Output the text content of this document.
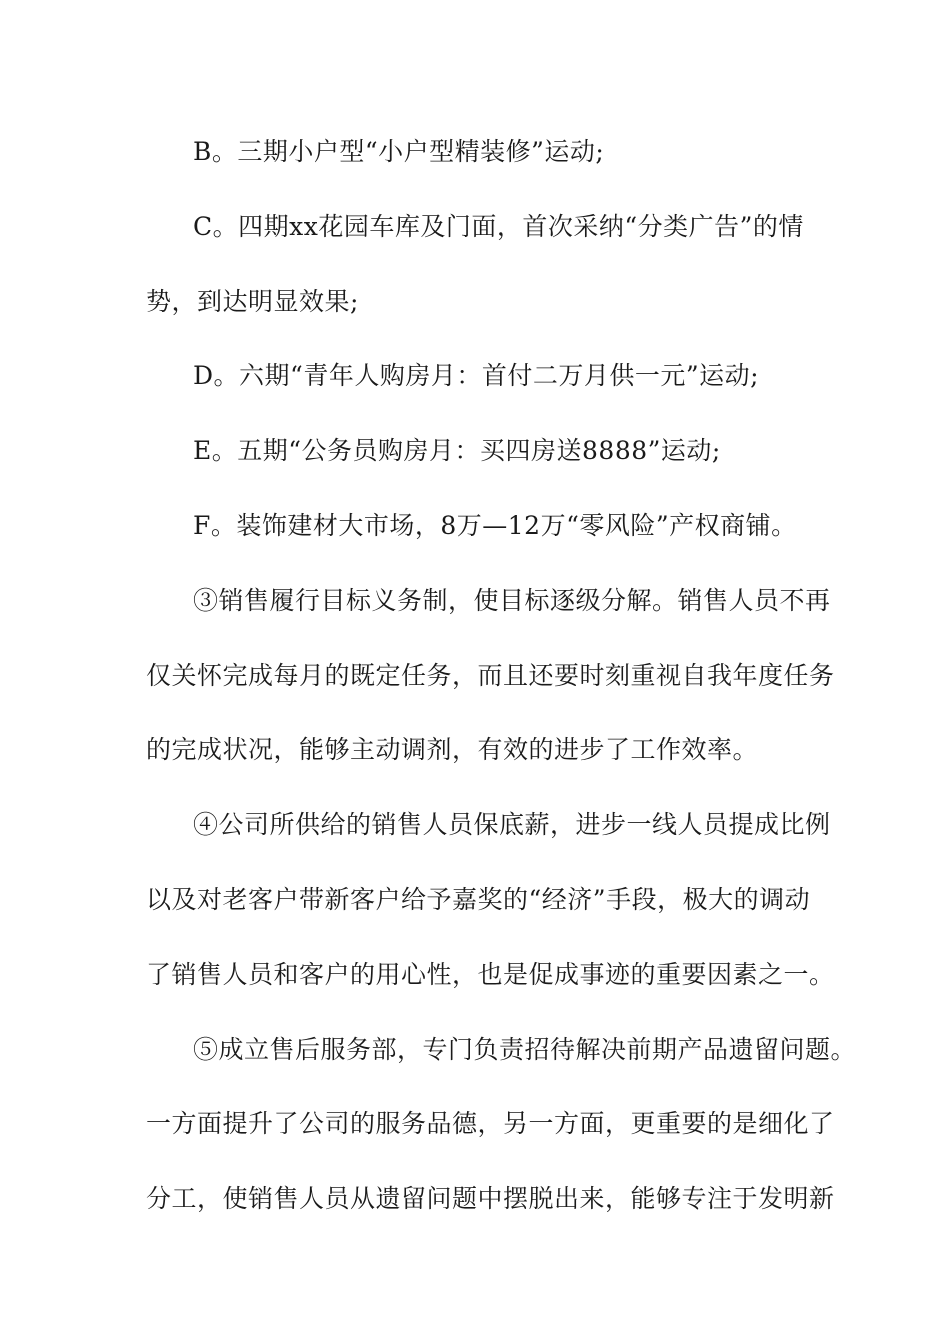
B。三期小户型“小户型精装修”运动;
C。四期xx花园车库及门面，首次采纳“分类广告”的情
势，到达明显效果;
D。六期“青年人购房月：首付二万月供一元”运动;
E。五期“公务员购房月：买四房送8888”运动;
F。装饰建材大市场，8万—12万“零风险”产权商铺。
③销售履行目标义务制，使目标逐级分解。销售人员不再
仅关怀完成每月的既定任务，而且还要时刻重视自我年度任务
的完成状况，能够主动调剂，有效的进步了工作效率。
④公司所供给的销售人员保底薪，进步一线人员提成比例
以及对老客户带新客户给予嘉奖的“经济”手段，极大的调动
了销售人员和客户的用心性，也是促成事迹的重要因素之一。
⑤成立售后服务部，专门负责招待解决前期产品遗留问题。
一方面提升了公司的服务品德，另一方面，更重要的是细化了
分工，使销售人员从遗留问题中摆脱出来，能够专注于发明新
